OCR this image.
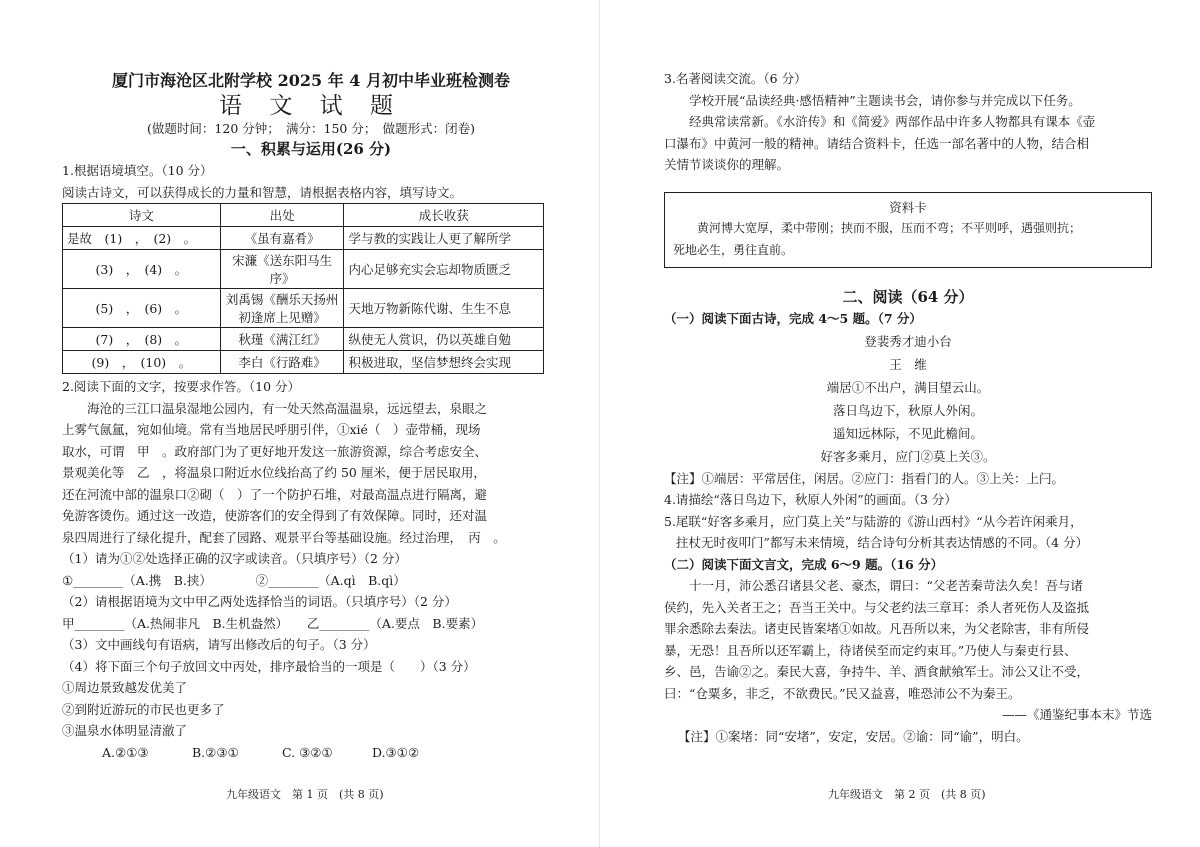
厦门市海沧区北附学校 2025 年 4 月初中毕业班检测卷

语 文 试 题

(做题时间：120 分钟；　满分：150 分；　做题形式：闭卷)

一、积累与运用(26 分)

1.根据语境填空。（10 分）

阅读古诗文，可以获得成长的力量和智慧，请根据表格内容，填写诗文。

诗文	出处	成长收获
是故　(1)　，　(2)　。	《虽有嘉肴》	学与教的实践让人更了解所学
(3)　，　(4)　。	宋濂《送东阳马生序》	内心足够充实会忘却物质匮乏
(5)　，　(6)　。	刘禹锡《酬乐天扬州初逢席上见赠》	天地万物新陈代谢、生生不息
(7)　，　(8)　。	秋瑾《满江红》	纵使无人赏识，仍以英雄自勉
(9)　，　(10)　。	李白《行路难》	积极进取，坚信梦想终会实现

2.阅读下面的文字，按要求作答。（10 分）

海沧的三江口温泉湿地公园内，有一处天然高温温泉，远远望去，泉眼之

上雾气氤氲，宛如仙境。常有当地居民呼朋引伴，①xié（　）壶带桶，现场

取水，可谓　甲　。政府部门为了更好地开发这一旅游资源，综合考虑安全、

景观美化等　乙　，将温泉口附近水位线抬高了约 50 厘米，便于居民取用，

还在河流中部的温泉口②砌（　）了一个防护石堆，对最高温点进行隔离，避

免游客烫伤。通过这一改造，使游客们的安全得到了有效保障。同时，还对温

泉四周进行了绿化提升，配套了园路、观景平台等基础设施。经过治理，　丙　。

（1）请为①②处选择正确的汉字或读音。（只填序号）（2 分）

①________（A.携　B.挟）　　　　②________（A.qì　B.qì）

（2）请根据语境为文中甲乙两处选择恰当的词语。（只填序号）（2 分）

甲________（A.热闹非凡　B.生机盎然）　　乙________（A.要点　B.要素）

（3）文中画线句有语病，请写出修改后的句子。（3 分）

（4）将下面三个句子放回文中丙处，排序最恰当的一项是（　　）（3 分）

①周边景致越发优美了

②到附近游玩的市民也更多了

③温泉水体明显清澈了

A.②①③	B.②③①	C. ③②①	D.③①②

九年级语文　第 1 页　(共 8 页)

3.名著阅读交流。（6 分）

学校开展“品读经典·感悟精神”主题读书会，请你参与并完成以下任务。

经典常读常新。《水浒传》和《简爱》两部作品中许多人物都具有课本《壶

口瀑布》中黄河一般的精神。请结合资料卡，任选一部名著中的人物，结合相

关情节谈谈你的理解。

资料卡

黄河博大宽厚，柔中带刚；挟而不服，压而不弯；不平则呼，遇强则抗；

死地必生，勇往直前。

二、阅读（64 分）

（一）阅读下面古诗，完成 4～5 题。（7 分）

登裴秀才迪小台

王　维

端居①不出户，满目望云山。

落日鸟边下，秋原人外闲。

遥知远林际，不见此檐间。

好客多乘月，应门②莫上关③。

【注】①端居：平常居住，闲居。②应门：指看门的人。③上关：上闩。

4.请描绘“落日鸟边下，秋原人外闲”的画面。（3 分）

5.尾联“好客多乘月，应门莫上关”与陆游的《游山西村》“从今若许闲乘月，

拄杖无时夜叩门”都写未来情境，结合诗句分析其表达情感的不同。（4 分）

（二）阅读下面文言文，完成 6～9 题。（16 分）

十一月，沛公悉召诸县父老、豪杰，谓曰：“父老苦秦苛法久矣！吾与诸

侯约，先入关者王之；吾当王关中。与父老约法三章耳：杀人者死伤人及盗抵

罪余悉除去秦法。诸吏民皆案堵①如故。凡吾所以来，为父老除害，非有所侵

暴，无恐！且吾所以还军霸上，待诸侯至而定约束耳。”乃使人与秦吏行县、

乡、邑，告谕②之。秦民大喜，争持牛、羊、酒食献飨军士。沛公又让不受，

曰：“仓粟多，非乏，不欲费民。”民又益喜，唯恐沛公不为秦王。

——《通鉴纪事本末》节选

【注】①案堵：同“安堵”，安定，安居。②谕：同“谕”，明白。

九年级语文　第 2 页　(共 8 页)
